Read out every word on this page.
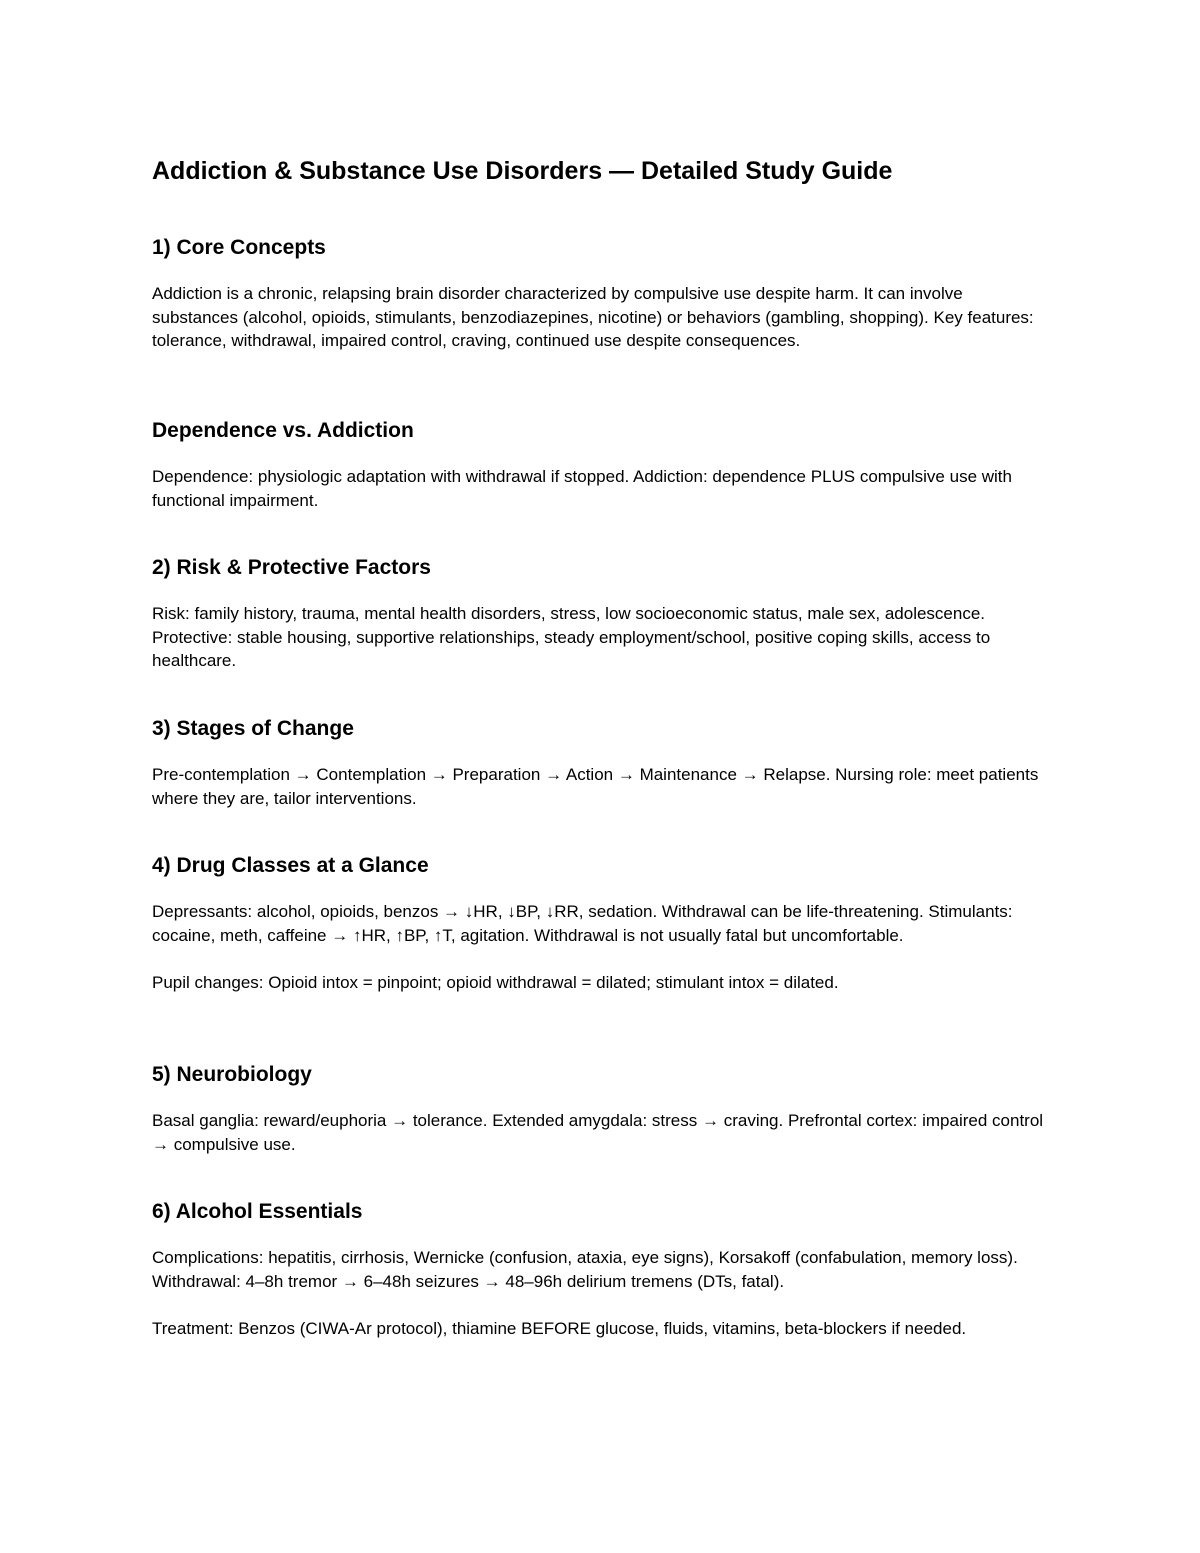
Addiction & Substance Use Disorders — Detailed Study Guide
1) Core Concepts

Addiction is a chronic, relapsing brain disorder characterized by compulsive use despite harm. It can involve substances (alcohol, opioids, stimulants, benzodiazepines, nicotine) or behaviors (gambling, shopping). Key features: tolerance, withdrawal, impaired control, craving, continued use despite consequences.

Dependence vs. Addiction

Dependence: physiologic adaptation with withdrawal if stopped. Addiction: dependence PLUS compulsive use with functional impairment.

2) Risk & Protective Factors

Risk: family history, trauma, mental health disorders, stress, low socioeconomic status, male sex, adolescence. Protective: stable housing, supportive relationships, steady employment/school, positive coping skills, access to healthcare.

3) Stages of Change

Pre-contemplation → Contemplation → Preparation → Action → Maintenance → Relapse. Nursing role: meet patients where they are, tailor interventions.

4) Drug Classes at a Glance

Depressants: alcohol, opioids, benzos → ↓HR, ↓BP, ↓RR, sedation. Withdrawal can be life-threatening. Stimulants: cocaine, meth, caffeine → ↑HR, ↑BP, ↑T, agitation. Withdrawal is not usually fatal but uncomfortable.

Pupil changes: Opioid intox = pinpoint; opioid withdrawal = dilated; stimulant intox = dilated.

5) Neurobiology

Basal ganglia: reward/euphoria → tolerance. Extended amygdala: stress → craving. Prefrontal cortex: impaired control → compulsive use.

6) Alcohol Essentials

Complications: hepatitis, cirrhosis, Wernicke (confusion, ataxia, eye signs), Korsakoff (confabulation, memory loss). Withdrawal: 4–8h tremor → 6–48h seizures → 48–96h delirium tremens (DTs, fatal).

Treatment: Benzos (CIWA-Ar protocol), thiamine BEFORE glucose, fluids, vitamins, beta-blockers if needed.
